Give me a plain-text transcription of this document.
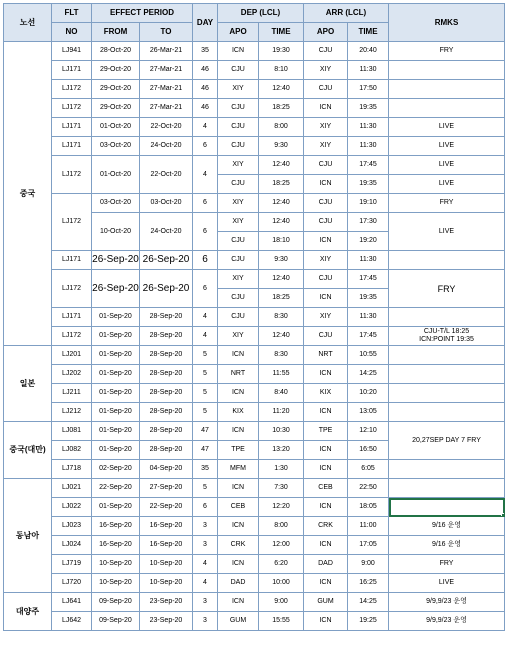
노선	FLT	EFFECT PERIOD		DAY	DEP (LCL)		ARR (LCL)		RMKS
	NO	FROM	TO		APO	TIME	APO	TIME	
중국	LJ941	28-Oct-20	26-Mar-21	35	ICN	19:30	CJU	20:40	FRY
	LJ171	29-Oct-20	27-Mar-21	46	CJU	8:10	XIY	11:30	
	LJ172	29-Oct-20	27-Mar-21	46	XIY	12:40	CJU	17:50	
	LJ172	29-Oct-20	27-Mar-21	46	CJU	18:25	ICN	19:35	
	LJ171	01-Oct-20	22-Oct-20	4	CJU	8:00	XIY	11:30	LIVE
	LJ171	03-Oct-20	24-Oct-20	6	CJU	9:30	XIY	11:30	LIVE
	LJ172	01-Oct-20	22-Oct-20	4	XIY	12:40	CJU	17:45	LIVE
					CJU	18:25	ICN	19:35	LIVE
	LJ172	03-Oct-20	03-Oct-20	6	XIY	12:40	CJU	19:10	FRY
		10-Oct-20	24-Oct-20	6	XIY	12:40	CJU	17:30	LIVE
					CJU	18:10	ICN	19:20	
	LJ171	26-Sep-20	26-Sep-20	6	CJU	9:30	XIY	11:30	
	LJ172	26-Sep-20	26-Sep-20	6	XIY	12:40	CJU	17:45	FRY
					CJU	18:25	ICN	19:35	
	LJ171	01-Sep-20	28-Sep-20	4	CJU	8:30	XIY	11:30	
	LJ172	01-Sep-20	28-Sep-20	4	XIY	12:40	CJU	17:45	CJU-T/L 18:25
ICN:POINT 19:35
일본	LJ201	01-Sep-20	28-Sep-20	5	ICN	8:30	NRT	10:55	
	LJ202	01-Sep-20	28-Sep-20	5	NRT	11:55	ICN	14:25	
	LJ211	01-Sep-20	28-Sep-20	5	ICN	8:40	KIX	10:20	
	LJ212	01-Sep-20	28-Sep-20	5	KIX	11:20	ICN	13:05	
중국(대만)	LJ081	01-Sep-20	28-Sep-20	47	ICN	10:30	TPE	12:10	20,27SEP DAY 7 FRY
	LJ082	01-Sep-20	28-Sep-20	47	TPE	13:20	ICN	16:50	
	LJ718	02-Sep-20	04-Sep-20	35	MFM	1:30	ICN	6:05	
동남아	LJ021	22-Sep-20	27-Sep-20	5	ICN	7:30	CEB	22:50	
	LJ022	01-Sep-20	22-Sep-20	6	CEB	12:20	ICN	18:05	
	LJ023	16-Sep-20	16-Sep-20	3	ICN	8:00	CRK	11:00	9/16 운영
	LJ024	16-Sep-20	16-Sep-20	3	CRK	12:00	ICN	17:05	9/16 운영
	LJ719	10-Sep-20	10-Sep-20	4	ICN	6:20	DAD	9:00	FRY
	LJ720	10-Sep-20	10-Sep-20	4	DAD	10:00	ICN	16:25	LIVE
대양주	LJ641	09-Sep-20	23-Sep-20	3	ICN	9:00	GUM	14:25	9/9,9/23 운영
	LJ642	09-Sep-20	23-Sep-20	3	GUM	15:55	ICN	19:25	9/9,9/23 운영
